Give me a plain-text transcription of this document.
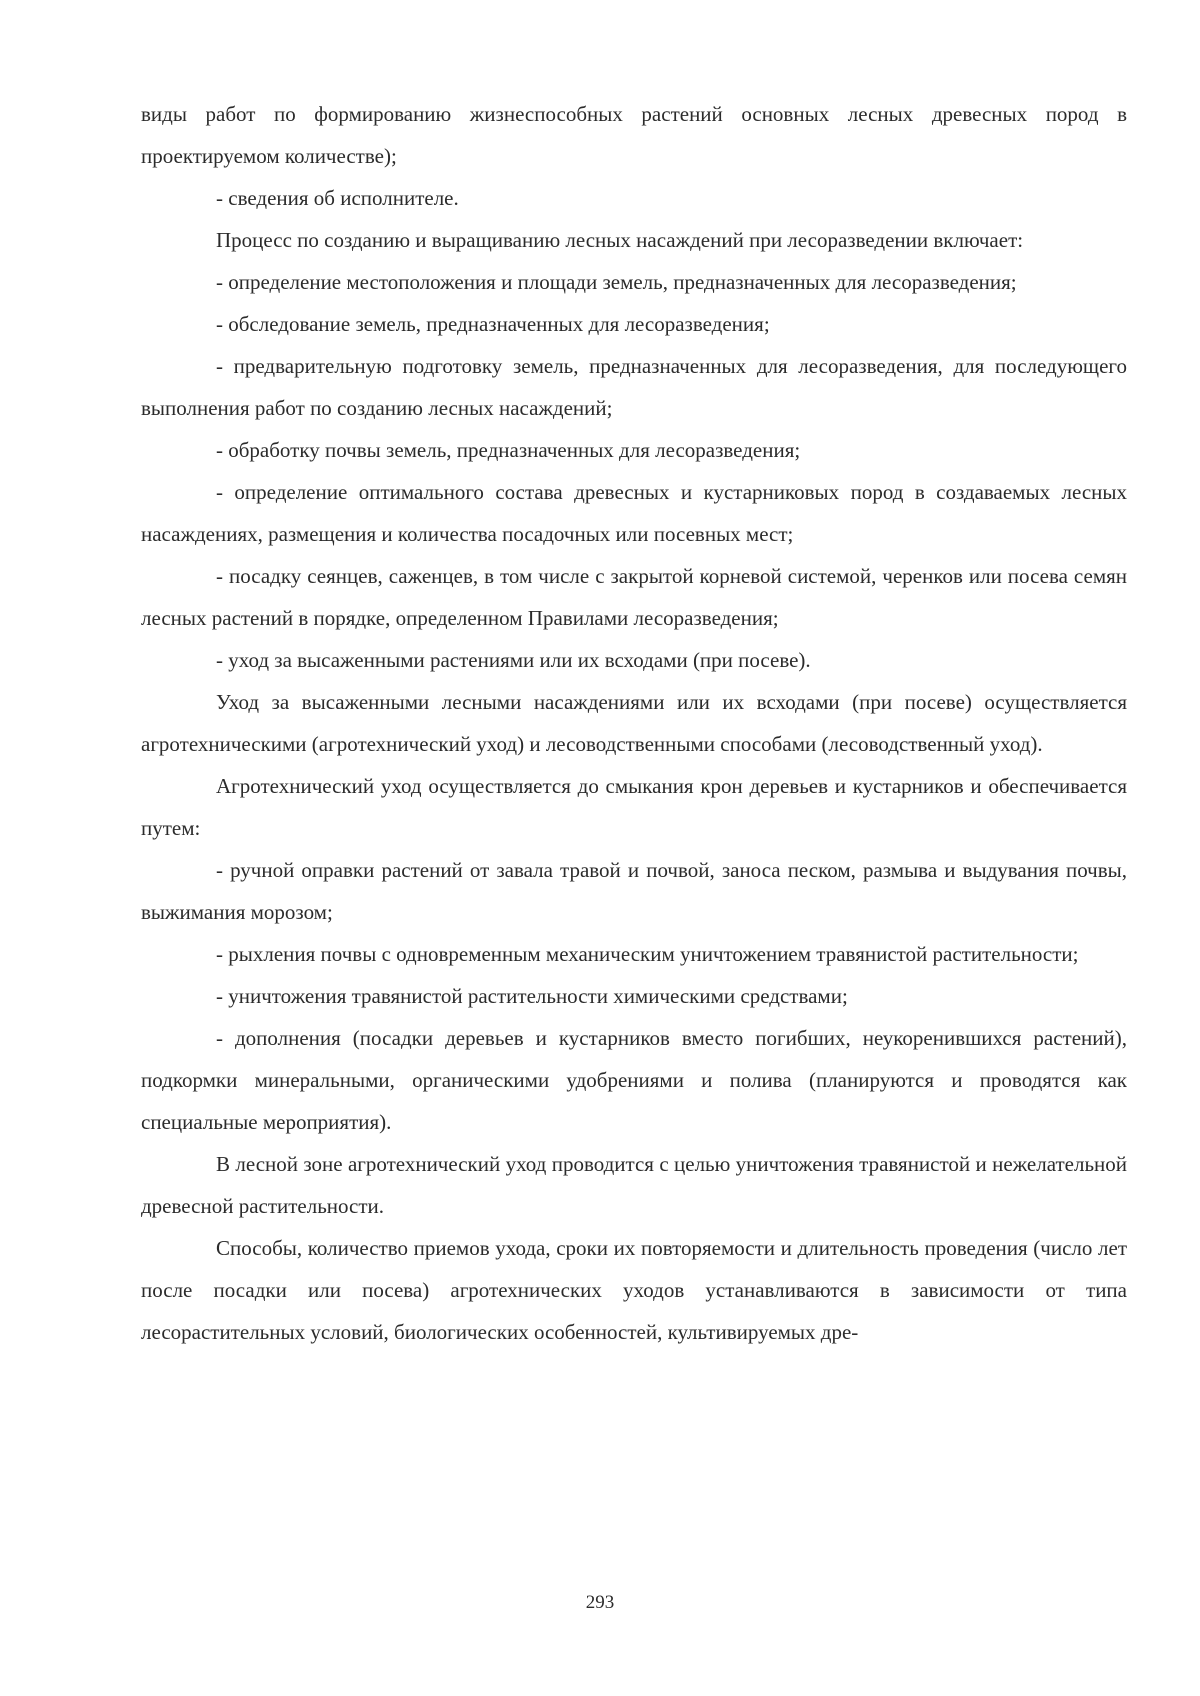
виды работ по формированию жизнеспособных растений основных лесных древесных пород в проектируемом количестве);

- сведения об исполнителе.

Процесс по созданию и выращиванию лесных насаждений при лесоразведении включает:

- определение местоположения и площади земель, предназначенных для лесоразведения;

- обследование земель, предназначенных для лесоразведения;

- предварительную подготовку земель, предназначенных для лесоразведения, для последующего выполнения работ по созданию лесных насаждений;

- обработку почвы земель, предназначенных для лесоразведения;

- определение оптимального состава древесных и кустарниковых пород в создаваемых лесных насаждениях, размещения и количества посадочных или посевных мест;

- посадку сеянцев, саженцев, в том числе с закрытой корневой системой, черенков или посева семян лесных растений в порядке, определенном Правилами лесоразведения;

- уход за высаженными растениями или их всходами (при посеве).

Уход за высаженными лесными насаждениями или их всходами (при посеве) осуществляется агротехническими (агротехнический уход) и лесоводственными способами (лесоводственный уход).

Агротехнический уход осуществляется до смыкания крон деревьев и кустарников и обеспечивается путем:

- ручной оправки растений от завала травой и почвой, заноса песком, размыва и выдувания почвы, выжимания морозом;

- рыхления почвы с одновременным механическим уничтожением травянистой растительности;

- уничтожения травянистой растительности химическими средствами;

- дополнения (посадки деревьев и кустарников вместо погибших, неукоренившихся растений), подкормки минеральными, органическими удобрениями и полива (планируются и проводятся как специальные мероприятия).

В лесной зоне агротехнический уход проводится с целью уничтожения травянистой и нежелательной древесной растительности.

Способы, количество приемов ухода, сроки их повторяемости и длительность проведения (число лет после посадки или посева) агротехнических уходов устанавливаются в зависимости от типа лесорастительных условий, биологических особенностей, культивируемых дре-

293
